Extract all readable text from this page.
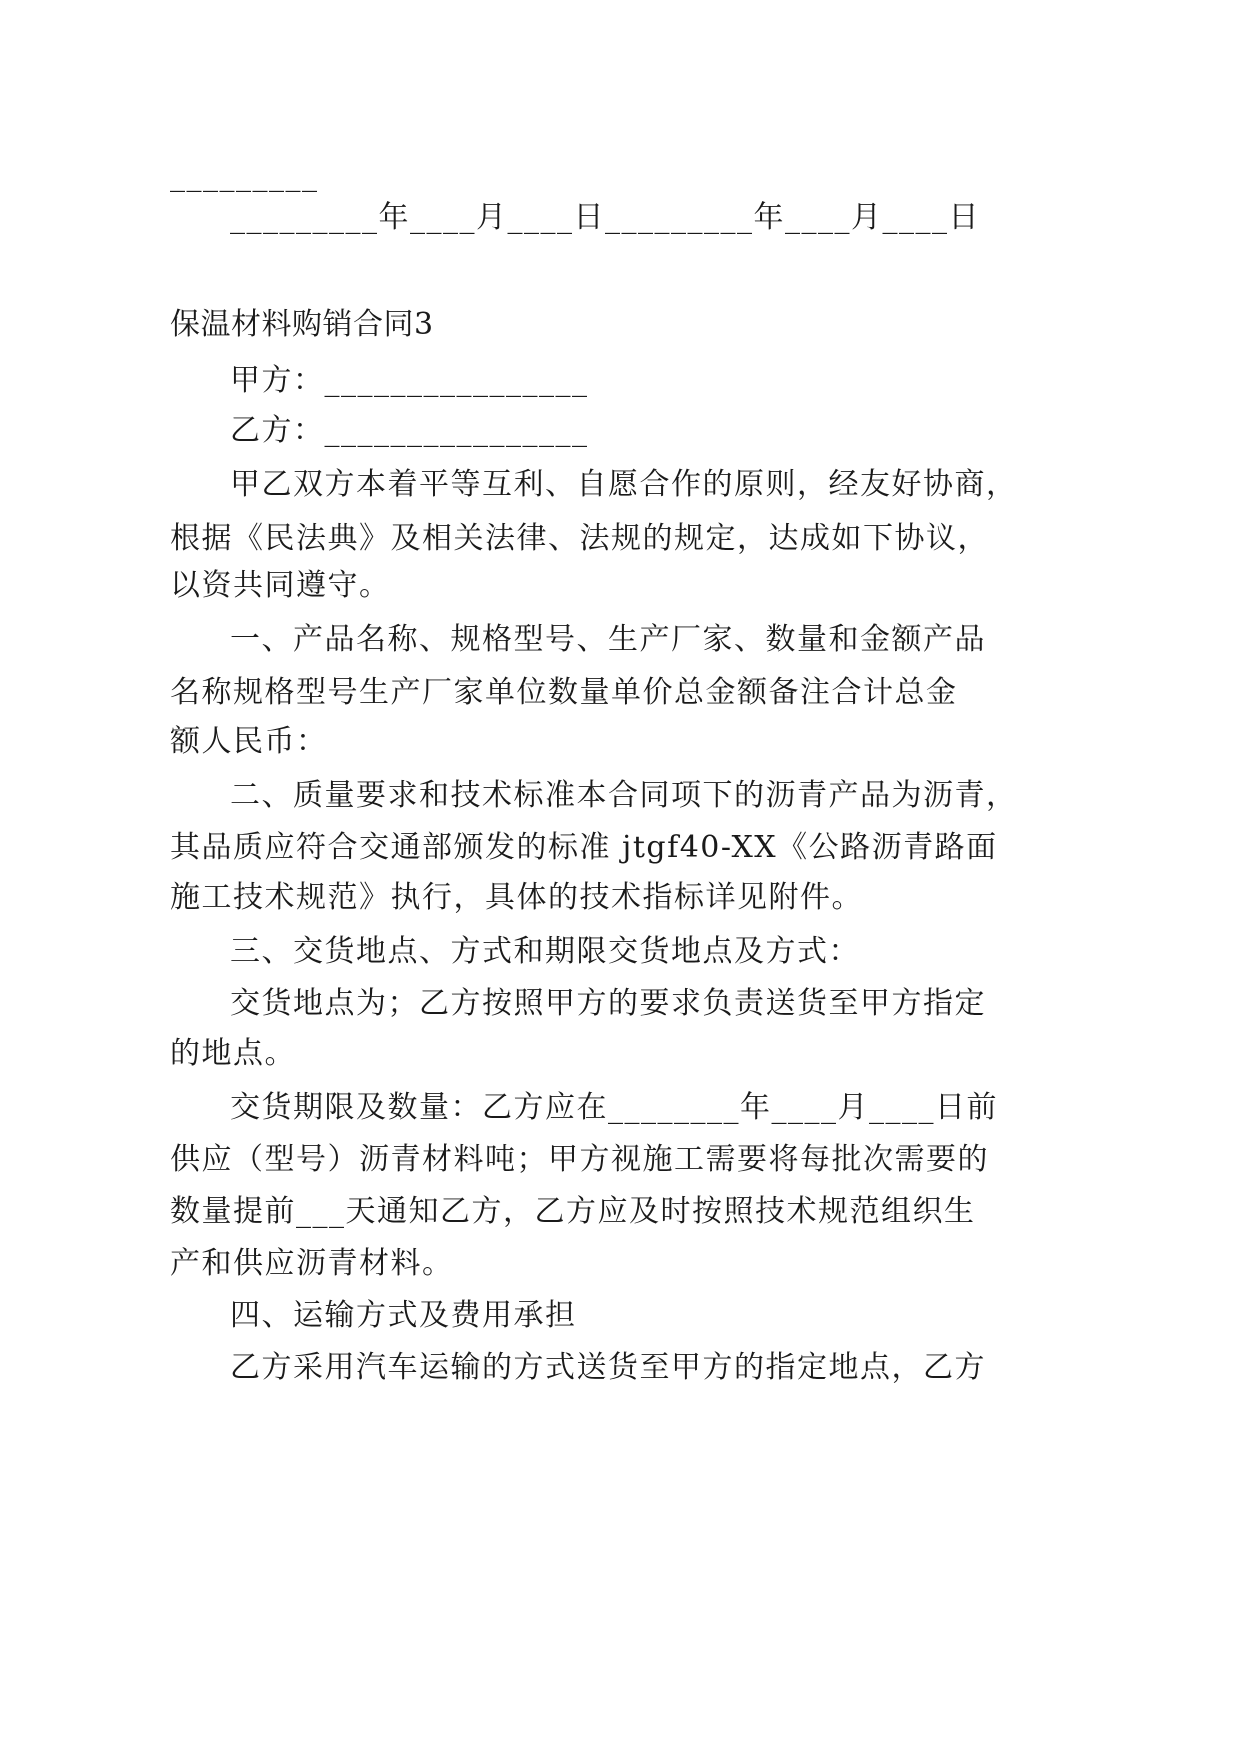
_________
_________年____月____日_________年____月____日
保温材料购销合同3
甲方：________________
乙方：________________
甲乙双方本着平等互利、自愿合作的原则，经友好协商，
根据《民法典》及相关法律、法规的规定，达成如下协议，
以资共同遵守。
一、产品名称、规格型号、生产厂家、数量和金额产品
名称规格型号生产厂家单位数量单价总金额备注合计总金
额人民币：
二、质量要求和技术标准本合同项下的沥青产品为沥青，
其品质应符合交通部颁发的标准 jtgf40-XX《公路沥青路面
施工技术规范》执行，具体的技术指标详见附件。
三、交货地点、方式和期限交货地点及方式：
交货地点为；乙方按照甲方的要求负责送货至甲方指定
的地点。
交货期限及数量：乙方应在________年____月____日前
供应（型号）沥青材料吨；甲方视施工需要将每批次需要的
数量提前___天通知乙方，乙方应及时按照技术规范组织生
产和供应沥青材料。
四、运输方式及费用承担
乙方采用汽车运输的方式送货至甲方的指定地点，乙方
